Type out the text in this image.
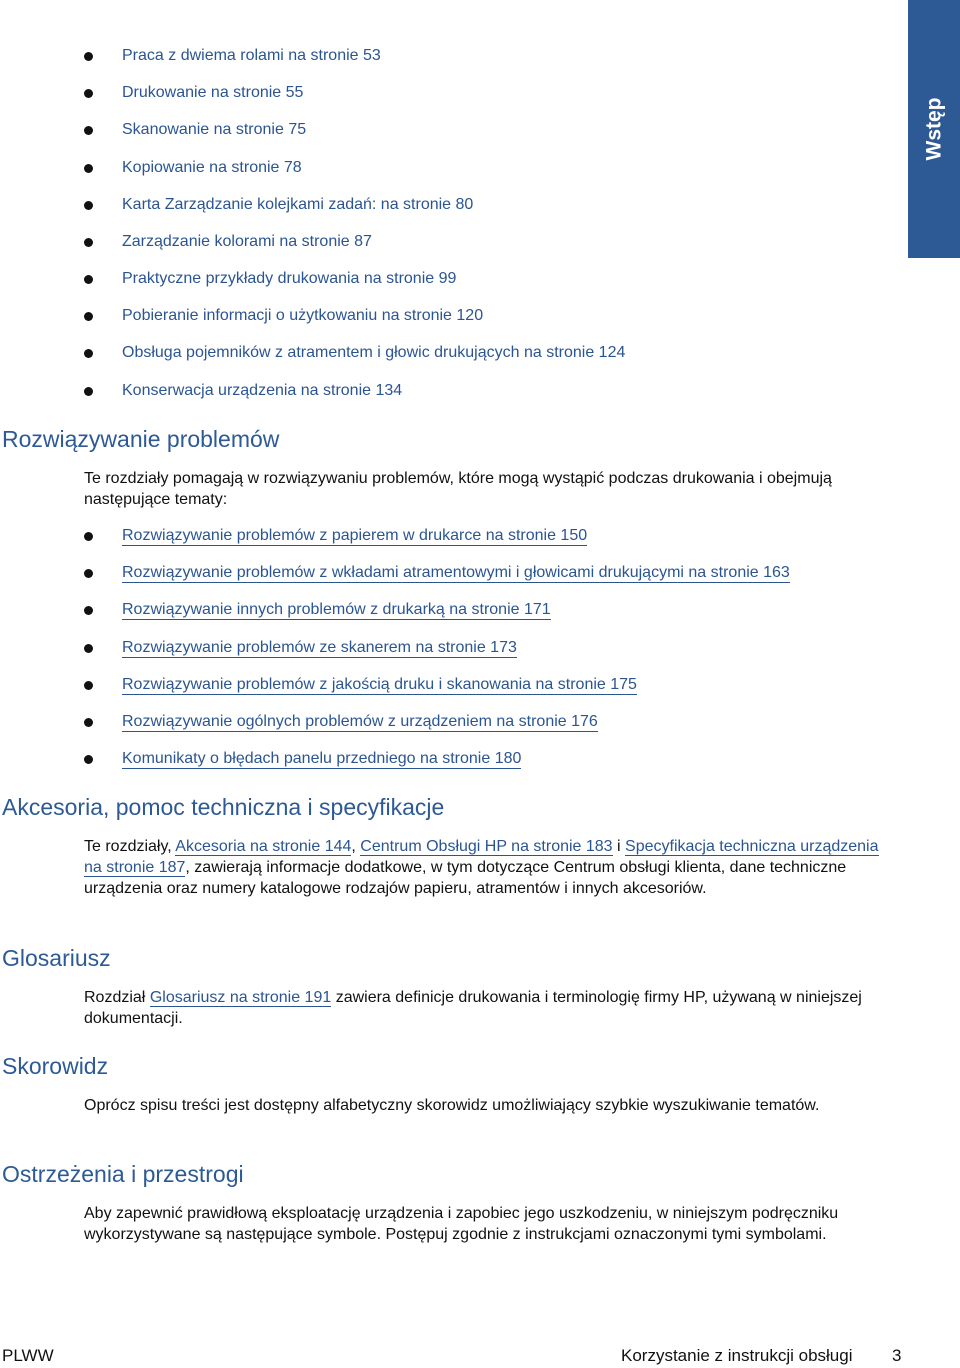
Wstęp
Praca z dwiema rolami na stronie 53
Drukowanie na stronie 55
Skanowanie na stronie 75
Kopiowanie na stronie 78
Karta Zarządzanie kolejkami zadań: na stronie 80
Zarządzanie kolorami na stronie 87
Praktyczne przykłady drukowania na stronie 99
Pobieranie informacji o użytkowaniu na stronie 120
Obsługa pojemników z atramentem i głowic drukujących na stronie 124
Konserwacja urządzenia na stronie 134
Rozwiązywanie problemów

Te rozdziały pomagają w rozwiązywaniu problemów, które mogą wystąpić podczas drukowania i obejmują następujące tematy:

Rozwiązywanie problemów z papierem w drukarce na stronie 150
Rozwiązywanie problemów z wkładami atramentowymi i głowicami drukującymi na stronie 163
Rozwiązywanie innych problemów z drukarką na stronie 171
Rozwiązywanie problemów ze skanerem na stronie 173
Rozwiązywanie problemów z jakością druku i skanowania na stronie 175
Rozwiązywanie ogólnych problemów z urządzeniem na stronie 176
Komunikaty o błędach panelu przedniego na stronie 180
Akcesoria, pomoc techniczna i specyfikacje

Te rozdziały, Akcesoria na stronie 144, Centrum Obsługi HP na stronie 183 i Specyfikacja techniczna urządzenia na stronie 187, zawierają informacje dodatkowe, w tym dotyczące Centrum obsługi klienta, dane techniczne urządzenia oraz numery katalogowe rodzajów papieru, atramentów i innych akcesoriów.

Glosariusz

Rozdział Glosariusz na stronie 191 zawiera definicje drukowania i terminologię firmy HP, używaną w niniejszej dokumentacji.

Skorowidz

Oprócz spisu treści jest dostępny alfabetyczny skorowidz umożliwiający szybkie wyszukiwanie tematów.

Ostrzeżenia i przestrogi

Aby zapewnić prawidłową eksploatację urządzenia i zapobiec jego uszkodzeniu, w niniejszym podręczniku wykorzystywane są następujące symbole. Postępuj zgodnie z instrukcjami oznaczonymi tymi symbolami.

PLWW	Korzystanie z instrukcji obsługi 3
